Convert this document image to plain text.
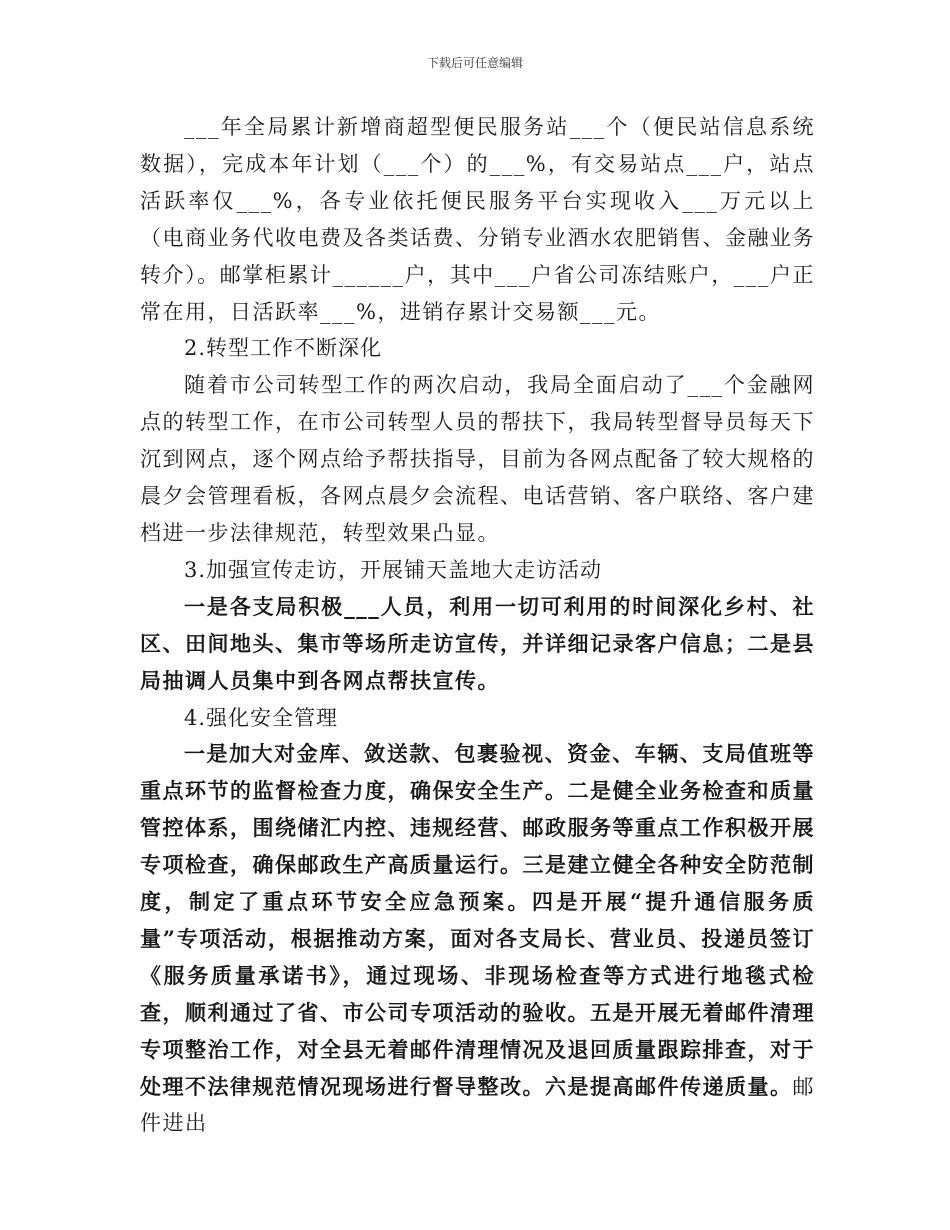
下载后可任意编辑

___年全局累计新增商超型便民服务站___个（便民站信息系统数据），完成本年计划（___个）的___%，有交易站点___户，站点活跃率仅___%，各专业依托便民服务平台实现收入___万元以上（电商业务代收电费及各类话费、分销专业酒水农肥销售、金融业务转介）。邮掌柜累计______户，其中___户省公司冻结账户，___户正常在用，日活跃率___%，进销存累计交易额___元。

2.转型工作不断深化

随着市公司转型工作的两次启动，我局全面启动了___个金融网点的转型工作，在市公司转型人员的帮扶下，我局转型督导员每天下沉到网点，逐个网点给予帮扶指导，目前为各网点配备了较大规格的晨夕会管理看板，各网点晨夕会流程、电话营销、客户联络、客户建档进一步法律规范，转型效果凸显。

3.加强宣传走访，开展铺天盖地大走访活动

一是各支局积极___人员，利用一切可利用的时间深化乡村、社区、田间地头、集市等场所走访宣传，并详细记录客户信息；二是县局抽调人员集中到各网点帮扶宣传。

4.强化安全管理

一是加大对金库、敛送款、包裹验视、资金、车辆、支局值班等重点环节的监督检查力度，确保安全生产。二是健全业务检查和质量管控体系，围绕储汇内控、违规经营、邮政服务等重点工作积极开展专项检查，确保邮政生产高质量运行。三是建立健全各种安全防范制度，制定了重点环节安全应急预案。四是开展“提升通信服务质量”专项活动，根据推动方案，面对各支局长、营业员、投递员签订《服务质量承诺书》，通过现场、非现场检查等方式进行地毯式检查，顺利通过了省、市公司专项活动的验收。五是开展无着邮件清理专项整治工作，对全县无着邮件清理情况及退回质量跟踪排查，对于处理不法律规范情况现场进行督导整改。六是提高邮件传递质量。邮件进出
